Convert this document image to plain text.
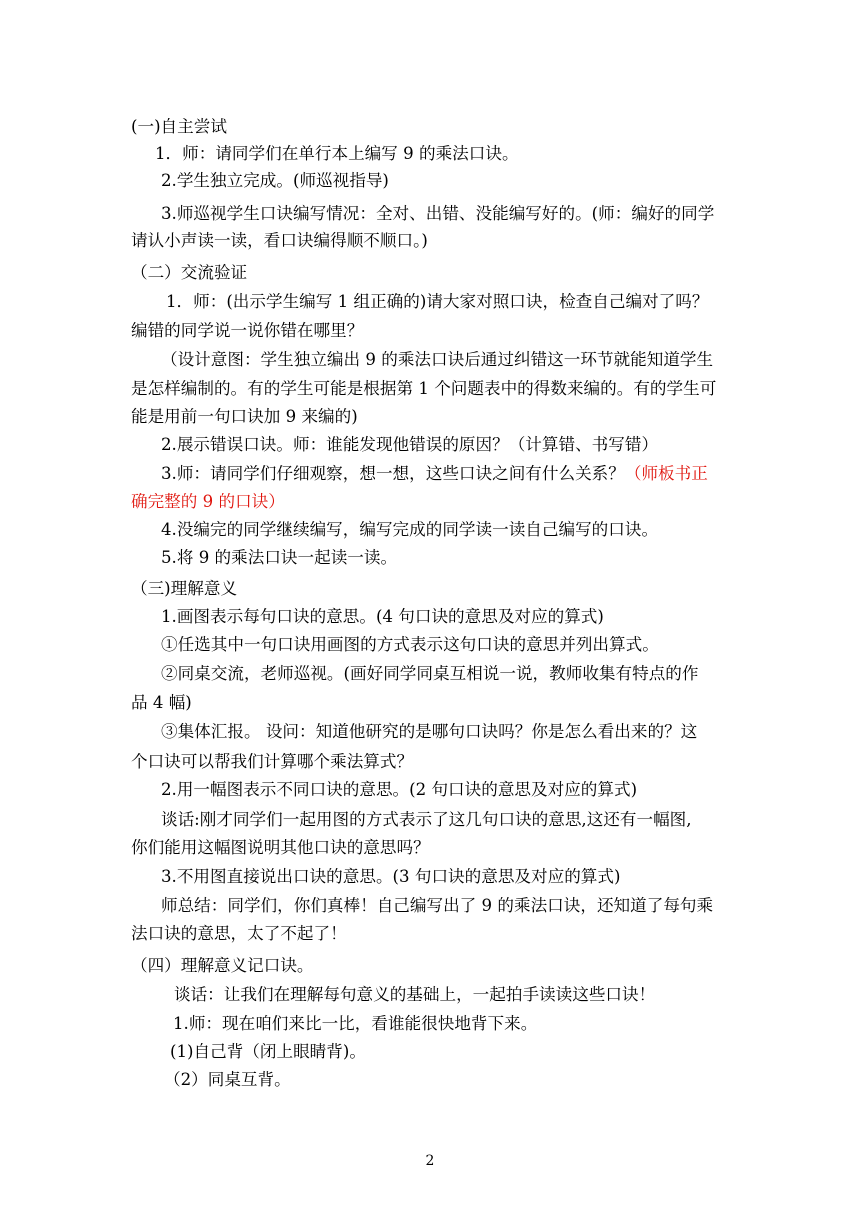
(一)自主尝试
1．师：请同学们在单行本上编写 9 的乘法口诀。
2.学生独立完成。(师巡视指导)
3.师巡视学生口诀编写情况：全对、出错、没能编写好的。(师：编好的同学
请认小声读一读，看口诀编得顺不顺口。)
（二）交流验证
1．师：(出示学生编写 1 组正确的)请大家对照口诀，检查自己编对了吗？
编错的同学说一说你错在哪里？
（设计意图：学生独立编出 9 的乘法口诀后通过纠错这一环节就能知道学生
是怎样编制的。有的学生可能是根据第 1 个问题表中的得数来编的。有的学生可
能是用前一句口诀加 9 来编的)
2.展示错误口诀。师：谁能发现他错误的原因？（计算错、书写错）
3.师：请同学们仔细观察，想一想，这些口诀之间有什么关系？（师板书正
确完整的 9 的口诀）
4.没编完的同学继续编写，编写完成的同学读一读自己编写的口诀。
5.将 9 的乘法口诀一起读一读。
（三)理解意义
1.画图表示每句口诀的意思。(4 句口诀的意思及对应的算式)
①任选其中一句口诀用画图的方式表示这句口诀的意思并列出算式。
②同桌交流，老师巡视。(画好同学同桌互相说一说，教师收集有特点的作
品 4 幅)
③集体汇报。 设问：知道他研究的是哪句口诀吗？你是怎么看出来的？这
个口诀可以帮我们计算哪个乘法算式？
2.用一幅图表示不同口诀的意思。(2 句口诀的意思及对应的算式)
谈话:刚才同学们一起用图的方式表示了这几句口诀的意思,这还有一幅图,
你们能用这幅图说明其他口诀的意思吗？
3.不用图直接说出口诀的意思。(3 句口诀的意思及对应的算式)
师总结：同学们，你们真棒！自己编写出了 9 的乘法口诀，还知道了每句乘
法口诀的意思，太了不起了！
（四）理解意义记口诀。
谈话：让我们在理解每句意义的基础上，一起拍手读读这些口诀！
1.师：现在咱们来比一比，看谁能很快地背下来。
(1)自己背（闭上眼睛背)。
（2）同桌互背。
2
